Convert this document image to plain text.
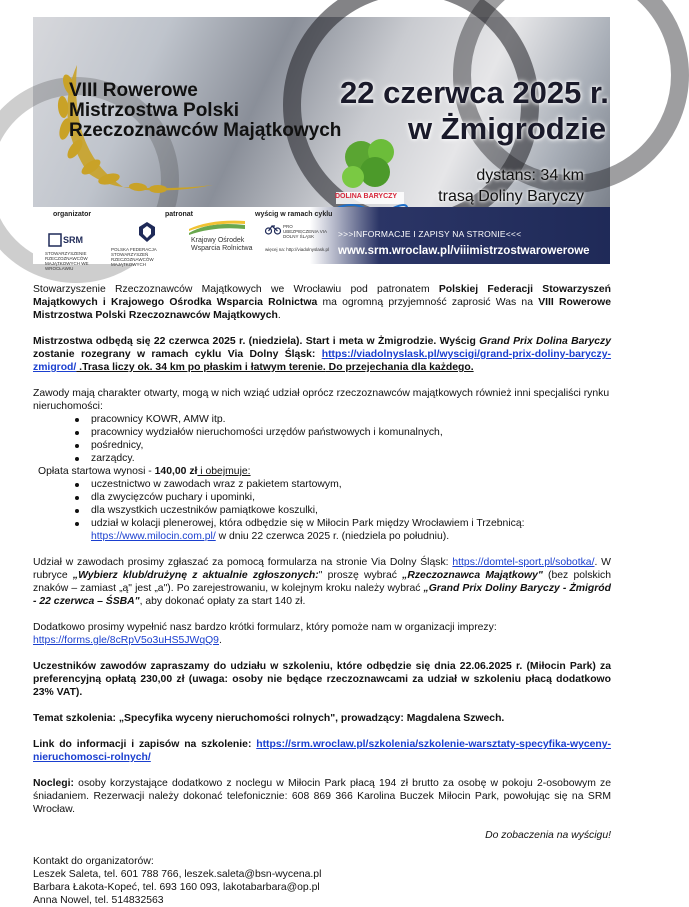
VIII Rowerowe
Mistrzostwa Polski
Rzeczoznawców Majątkowych
22 czerwca 2025 r.
w Żmigrodzie
DOLINA BARYCZY
dystans: 34 km
trasą Doliny Baryczy
organizator	patronat	wyścig w ramach cyklu
SRM
STOWARZYSZENIE RZECZOZNAWCÓW MAJĄTKOWYCH WE WROCŁAWIU
POLSKA FEDERACJA STOWARZYSZEŃ RZECZOZNAWCÓW MAJĄTKOWYCH
Krajowy Ośrodek
Wsparcia Rolnictwa
PRO UBEZPIECZENIA VIA DOLNY ŚLĄSK
więcej na: http://viadolnyslask.pl
>>>INFORMACJE I ZAPISY NA STRONIE<<<
www.srm.wroclaw.pl/viiimistrzostwarowerowe

Stowarzyszenie Rzeczoznawców Majątkowych we Wrocławiu pod patronatem Polskiej Federacji Stowarzyszeń Majątkowych i Krajowego Ośrodka Wsparcia Rolnictwa ma ogromną przyjemność zaprosić Was na VIII Rowerowe Mistrzostwa Polski Rzeczoznawców Majątkowych.

Mistrzostwa odbędą się 22 czerwca 2025 r. (niedziela). Start i meta w Żmigrodzie. Wyścig Grand Prix Dolina Baryczy zostanie rozegrany w ramach cyklu Via Dolny Śląsk: https://viadolnyslask.pl/wyscigi/grand-prix-doliny-baryczy-zmigrod/ .Trasa liczy ok. 34 km po płaskim i łatwym terenie. Do przejechania dla każdego.

Zawody mają charakter otwarty, mogą w nich wziąć udział oprócz rzeczoznawców majątkowych również inni specjaliści rynku nieruchomości:

pracownicy KOWR, AMW itp.
pracownicy wydziałów nieruchomości urzędów państwowych i komunalnych,
pośrednicy,
zarządcy.

Opłata startowa wynosi - 140,00 zł i obejmuje:

uczestnictwo w zawodach wraz z pakietem startowym,
dla zwycięzców puchary i upominki,
dla wszystkich uczestników pamiątkowe koszulki,
udział w kolacji plenerowej, która odbędzie się w Miłocin Park między Wrocławiem i Trzebnicą: https://www.milocin.com.pl/ w dniu 22 czerwca 2025 r. (niedziela po południu).

Udział w zawodach prosimy zgłaszać za pomocą formularza na stronie Via Dolny Śląsk: https://domtel-sport.pl/sobotka/. W rubryce „Wybierz klub/drużynę z aktualnie zgłoszonych:" proszę wybrać „Rzeczoznawca Majątkowy" (bez polskich znaków – zamiast „ą" jest „a"). Po zarejestrowaniu, w kolejnym kroku należy wybrać „Grand Prix Doliny Baryczy - Żmigród - 22 czerwca – ŚSBA", aby dokonać opłaty za start 140 zł.

Dodatkowo prosimy wypełnić nasz bardzo krótki formularz, który pomoże nam w organizacji imprezy: https://forms.gle/8cRpV5o3uHS5JWqQ9.

Uczestników zawodów zapraszamy do udziału w szkoleniu, które odbędzie się dnia 22.06.2025 r. (Miłocin Park) za preferencyjną opłatą 230,00 zł (uwaga: osoby nie będące rzeczoznawcami za udział w szkoleniu płacą dodatkowo 23% VAT).

Temat szkolenia: „Specyfika wyceny nieruchomości rolnych", prowadzący: Magdalena Szwech.

Link do informacji i zapisów na szkolenie: https://srm.wroclaw.pl/szkolenia/szkolenie-warsztaty-specyfika-wyceny-nieruchomosci-rolnych/

Noclegi: osoby korzystające dodatkowo z noclegu w Miłocin Park płacą 194 zł brutto za osobę w pokoju 2-osobowym ze śniadaniem. Rezerwacji należy dokonać telefonicznie: 608 869 366 Karolina Buczek Miłocin Park, powołując się na SRM Wrocław.

Do zobaczenia na wyścigu!

Kontakt do organizatorów:

Leszek Saleta, tel. 601 788 766, leszek.saleta@bsn-wycena.pl

Barbara Łakota-Kopeć, tel. 693 160 093, lakotabarbara@op.pl

Anna Nowel, tel. 514832563
